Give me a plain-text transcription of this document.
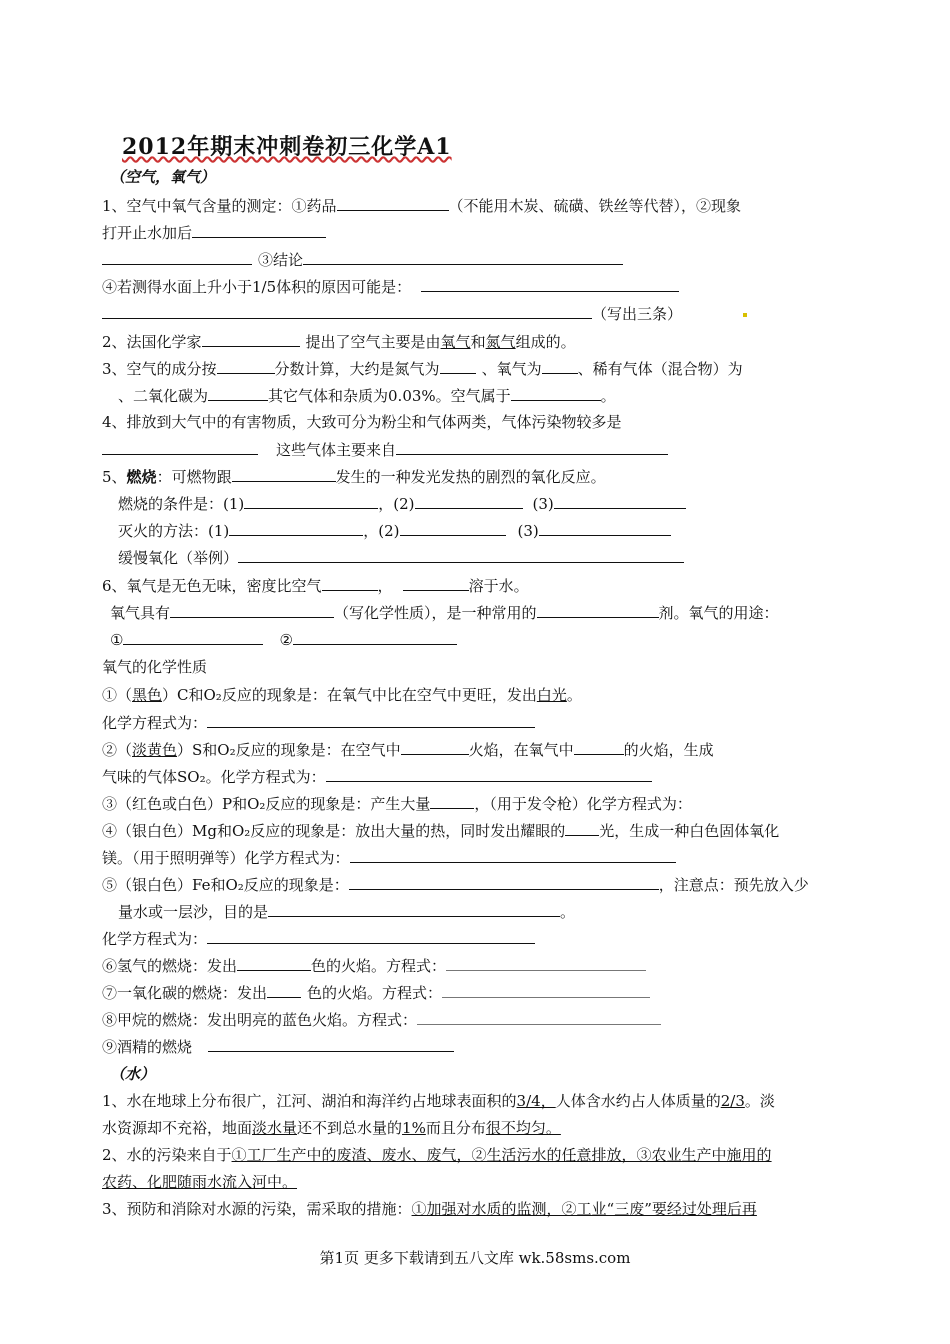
2012年期末冲刺卷初三化学A1
（空气，氧气）
1、空气中氧气含量的测定：①药品	（不能用木炭、硫磺、铁丝等代替），②现象
打开止水加后
③结论
④若测得水面上升小于1/5体积的原因可能是：
（写出三条）
2、法国化学家	提出了空气主要是由氧气和氮气组成的。
3、空气的成分按	分数计算，大约是氮气为	、氧气为 、稀有气体（混合物）为
、二氧化碳为	其它气体和杂质为0.03%。空气属于	。
4、排放到大气中的有害物质，大致可分为粉尘和气体两类，气体污染物较多是
这些气体主要来自
5、燃烧：可燃物跟	发生的一种发光发热的剧烈的氧化反应。
燃烧的条件是：(1)	，(2)	(3)
灭火的方法：(1)	，(2)	(3)
缓慢氧化（举例）
6、氧气是无色无味，密度比空气	，	溶于水。
氧气具有	（写化学性质），是一种常用的	剂。氧气的用途：
①	②
氧气的化学性质
①（黑色）C和O₂反应的现象是：在氧气中比在空气中更旺，发出白光。
化学方程式为：
②（淡黄色）S和O₂反应的现象是：在空气中	火焰，在氧气中	的火焰，生成
气味的气体SO₂。化学方程式为：
③（红色或白色）P和O₂反应的现象是：产生大量	，（用于发令枪）化学方程式为：
④（银白色）Mg和O₂反应的现象是：放出大量的热，同时发出耀眼的 光，生成一种白色固体氧化
镁。（用于照明弹等）化学方程式为：
⑤（银白色）Fe和O₂反应的现象是：	，注意点：预先放入少
量水或一层沙，目的是	。
化学方程式为：
⑥氢气的燃烧：发出	色的火焰。方程式：
⑦一氧化碳的燃烧：发出	色的火焰。方程式：
⑧甲烷的燃烧：发出明亮的蓝色火焰。方程式：
⑨酒精的燃烧
（水）
1、水在地球上分布很广，江河、湖泊和海洋约占地球表面积的3/4，人体含水约占人体质量的2/3。淡
水资源却不充裕，地面淡水量还不到总水量的1%而且分布很不均匀。
2、水的污染来自于①工厂生产中的废渣、废水、废气，②生活污水的任意排放，③农业生产中施用的
农药、化肥随雨水流入河中。
3、预防和消除对水源的污染，需采取的措施：①加强对水质的监测，②工业“三废”要经过处理后再
第1页 更多下载请到五八文库 wk.58sms.com
